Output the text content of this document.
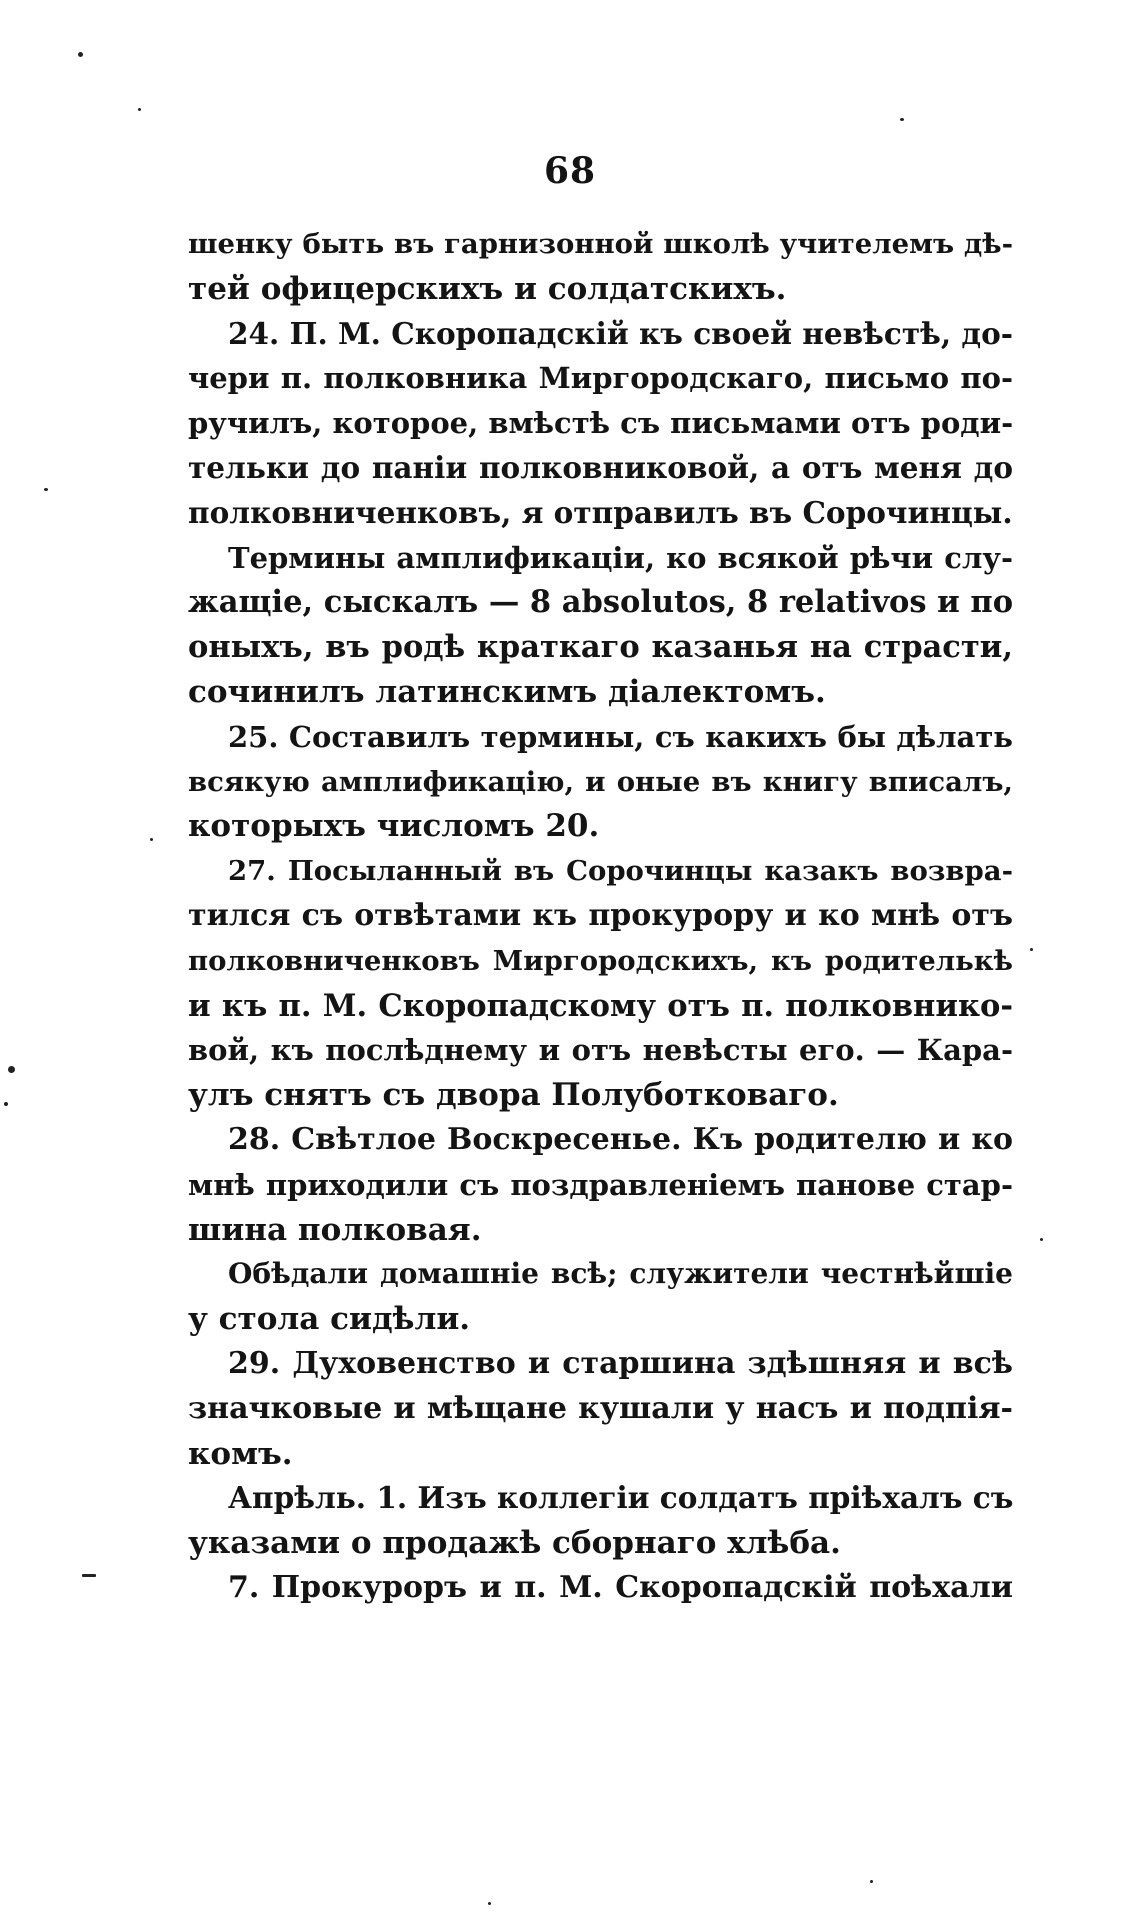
68
шенку быть въ гарнизонной школѣ учителемъ дѣ-
тей офицерскихъ и солдатскихъ.
24. П. М. Скоропадскій къ своей невѣстѣ, до-
чери п. полковника Миргородскаго, письмо по-
ручилъ, которое, вмѣстѣ съ письмами отъ роди-
тельки до паніи полковниковой, а отъ меня до
полковниченковъ, я отправилъ въ Сорочинцы.
Термины амплификаціи, ко всякой рѣчи слу-
жащіе, сыскалъ — 8 absolutos, 8 relativos и по
оныхъ, въ родѣ краткаго казанья на страсти,
сочинилъ латинскимъ діалектомъ.
25. Составилъ термины, съ какихъ бы дѣлать
всякую амплификацію, и оные въ книгу вписалъ,
которыхъ числомъ 20.
27. Посыланный въ Сорочинцы казакъ возвра-
тился съ отвѣтами къ прокурору и ко мнѣ отъ
полковниченковъ Миргородскихъ, къ родителькѣ
и къ п. М. Скоропадскому отъ п. полковнико-
вой, къ послѣднему и отъ невѣсты его. — Кара-
улъ снятъ съ двора Полуботковаго.
28. Свѣтлое Воскресенье. Къ родителю и ко
мнѣ приходили съ поздравленіемъ панове стар-
шина полковая.
Обѣдали домашніе всѣ; служители честнѣйшіе
у стола сидѣли.
29. Духовенство и старшина здѣшняя и всѣ
значковые и мѣщане кушали у насъ и подпія-
комъ.
Апрѣль. 1. Изъ коллегіи солдатъ пріѣхалъ съ
указами о продажѣ сборнаго хлѣба.
7. Прокуроръ и п. М. Скоропадскій поѣхали
